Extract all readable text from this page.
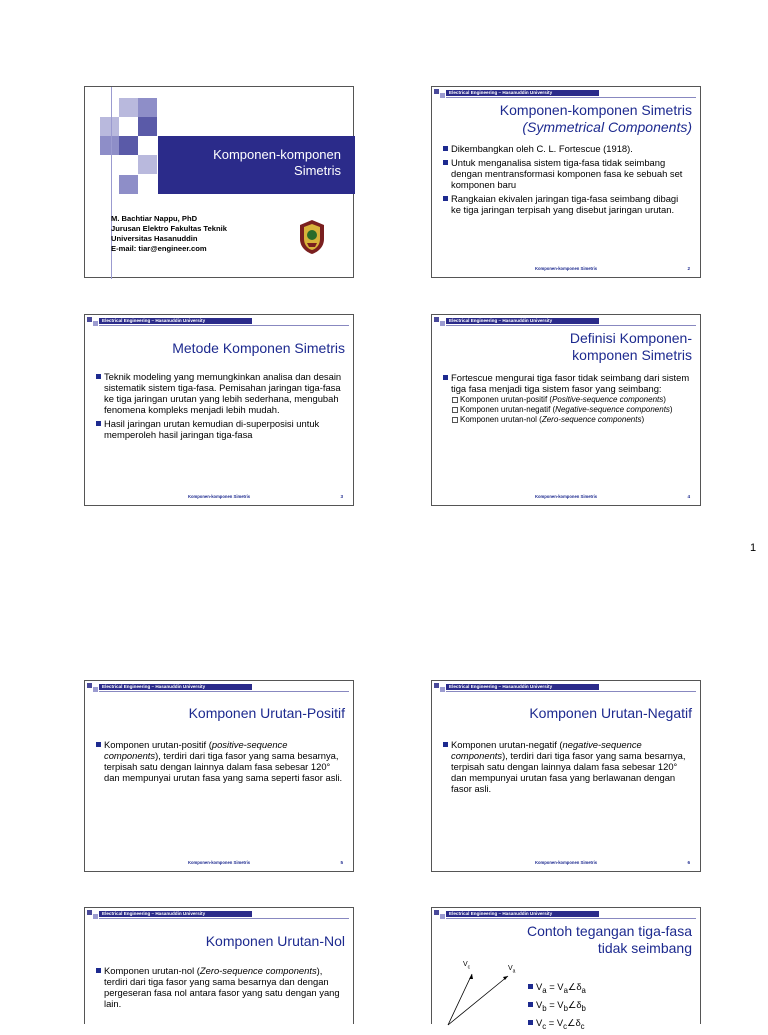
Komponen-komponen
Simetris
M. Bachtiar Nappu, PhD
Jurusan Elektro Fakultas Teknik
Universitas Hasanuddin
E-mail: tiar@engineer.com
Electrical Engineering – Hasanuddin University
Komponen-komponen Simetris
(Symmetrical Components)
Dikembangkan oleh C. L. Fortescue (1918).
Untuk menganalisa sistem tiga-fasa tidak seimbang dengan mentransformasi komponen fasa ke sebuah set komponen baru
Rangkaian ekivalen jaringan tiga-fasa seimbang dibagi ke tiga jaringan terpisah yang disebut jaringan urutan.
Komponen-komponen Simetris	2
Electrical Engineering – Hasanuddin University
Metode Komponen Simetris
Teknik modeling yang memungkinkan analisa dan desain sistematik sistem tiga-fasa. Pemisahan jaringan tiga-fasa ke tiga jaringan urutan yang lebih sederhana, mengubah fenomena kompleks menjadi lebih mudah.
Hasil jaringan urutan kemudian di-superposisi untuk memperoleh hasil jaringan tiga-fasa
Komponen-komponen Simetris	3
Electrical Engineering – Hasanuddin University
Definisi Komponen-
komponen Simetris
Fortescue mengurai tiga fasor tidak seimbang dari sistem tiga fasa menjadi tiga sistem fasor yang seimbang:
Komponen urutan-positif (Positive-sequence components)
Komponen urutan-negatif (Negative-sequence components)
Komponen urutan-nol (Zero-sequence components)
Komponen-komponen Simetris	4
1
Electrical Engineering – Hasanuddin University
Komponen Urutan-Positif
Komponen urutan-positif (positive-sequence components), terdiri dari tiga fasor yang sama besarnya, terpisah satu dengan lainnya dalam fasa sebesar 120° dan mempunyai urutan fasa yang sama seperti fasor asli.
Komponen-komponen Simetris	5
Electrical Engineering – Hasanuddin University
Komponen Urutan-Negatif
Komponen urutan-negatif (negative-sequence components), terdiri dari tiga fasor yang sama besarnya, terpisah satu dengan lainnya dalam fasa sebesar 120° dan mempunyai urutan fasa yang berlawanan dengan fasor asli.
Komponen-komponen Simetris	6
Electrical Engineering – Hasanuddin University
Komponen Urutan-Nol
Komponen urutan-nol (Zero-sequence components), terdiri dari tiga fasor yang sama besarnya dan dengan pergeseran fasa nol antara fasor yang satu dengan yang lain.
Electrical Engineering – Hasanuddin University
Contoh tegangan tiga-fasa
tidak seimbang
$V_c$	$V_a$
$V_a$ = $V_a\angle\delta_a$
$V_b$ = $V_b\angle\delta_b$
$V_c$ = $V_c\angle\delta_c$
